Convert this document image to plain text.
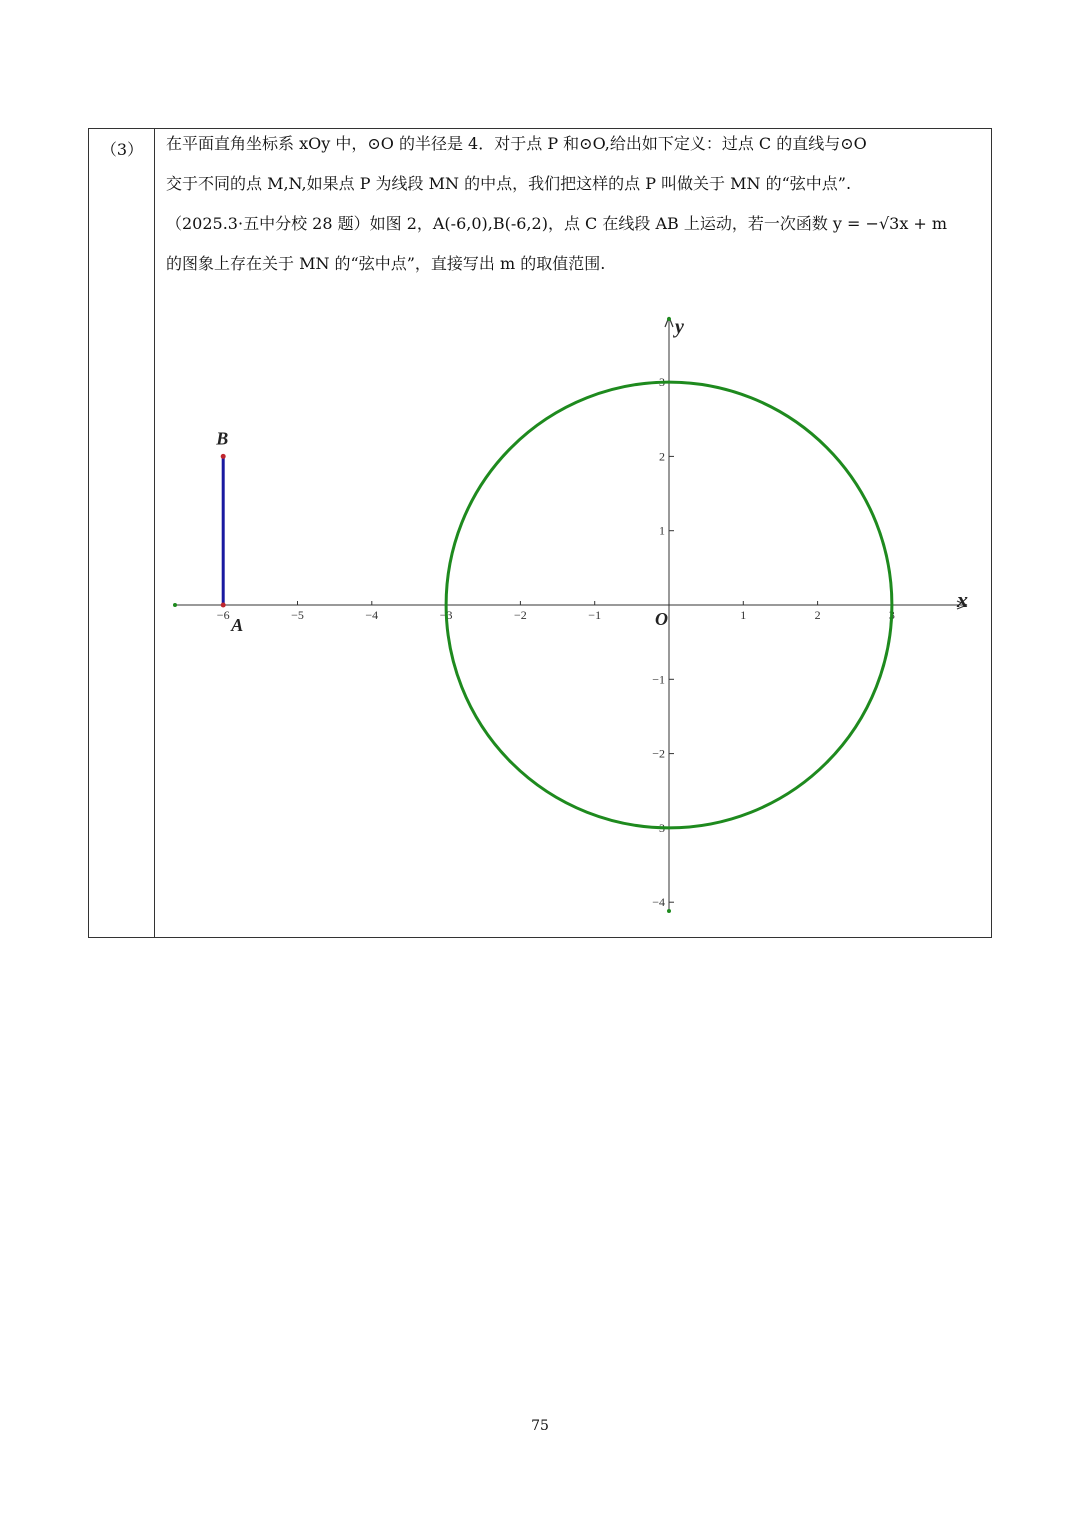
（3）	在平面直角坐标系 xOy 中，⊙O 的半径是 4．对于点 P 和⊙O,给出如下定义：过点 C 的直线与⊙O
交于不同的点 M,N,如果点 P 为线段 MN 的中点，我们把这样的点 P 叫做关于 MN 的“弦中点”.
（2025.3·五中分校 28 题）如图 2，A(-6,0),B(-6,2)，点 C 在线段 AB 上运动，若一次函数 y = −√3x + m
的图象上存在关于 MN 的“弦中点”，直接写出 m 的取值范围.
−6	−5	−4	−3	−2	−1	1	2	3
3
2
1
−1
−2
−3
−4
B
A	O
x
y
75
